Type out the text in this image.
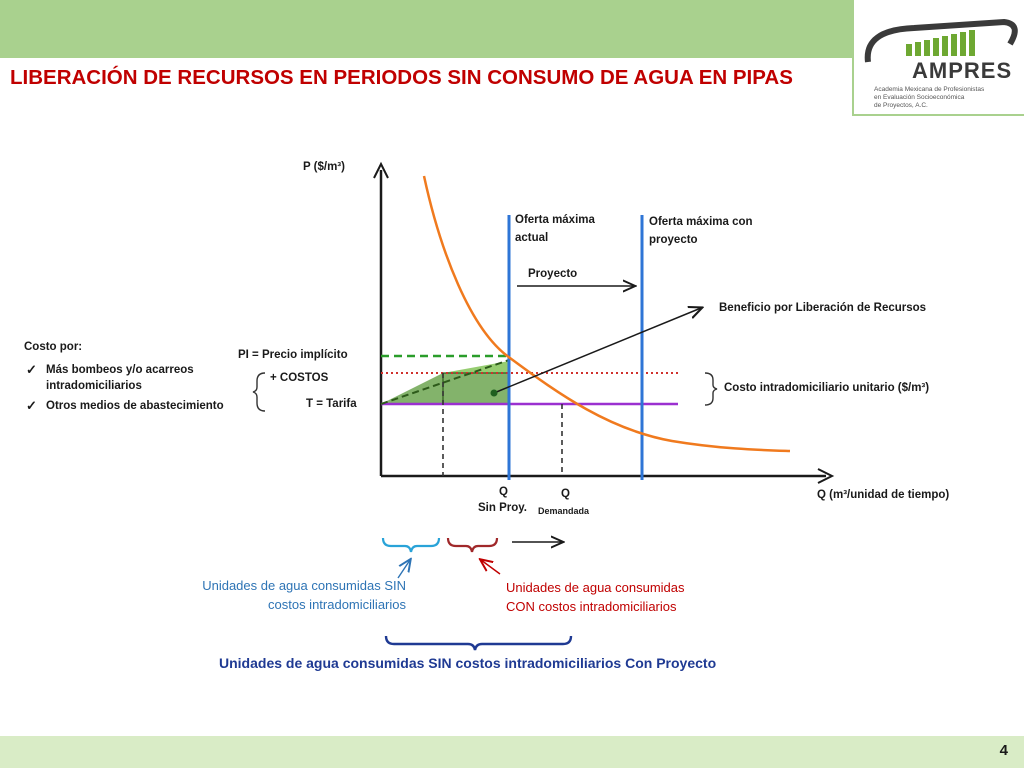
AMPRES
Academia Mexicana de Profesionistas
en Evaluación Socioeconómica
de Proyectos, A.C.
LIBERACIÓN DE RECURSOS EN PERIODOS SIN CONSUMO DE AGUA EN PIPAS
Costo por:
✓ Más bombeos y/o acarreos intradomiciliarios
✓ Otros medios de abastecimiento
P ($/m³)
Q (m³/unidad de tiempo)
Oferta máxima
actual
Oferta máxima con
proyecto
Proyecto
Beneficio por Liberación de Recursos
PI = Precio implícito
+ COSTOS
T = Tarifa
Costo intradomiciliario unitario ($/m³)
Q
Sin Proy.
Q
Demandada
Unidades de agua consumidas SIN
costos intradomiciliarios
Unidades de agua consumidas
CON costos intradomiciliarios
Unidades de agua consumidas SIN costos intradomiciliarios Con Proyecto
4
